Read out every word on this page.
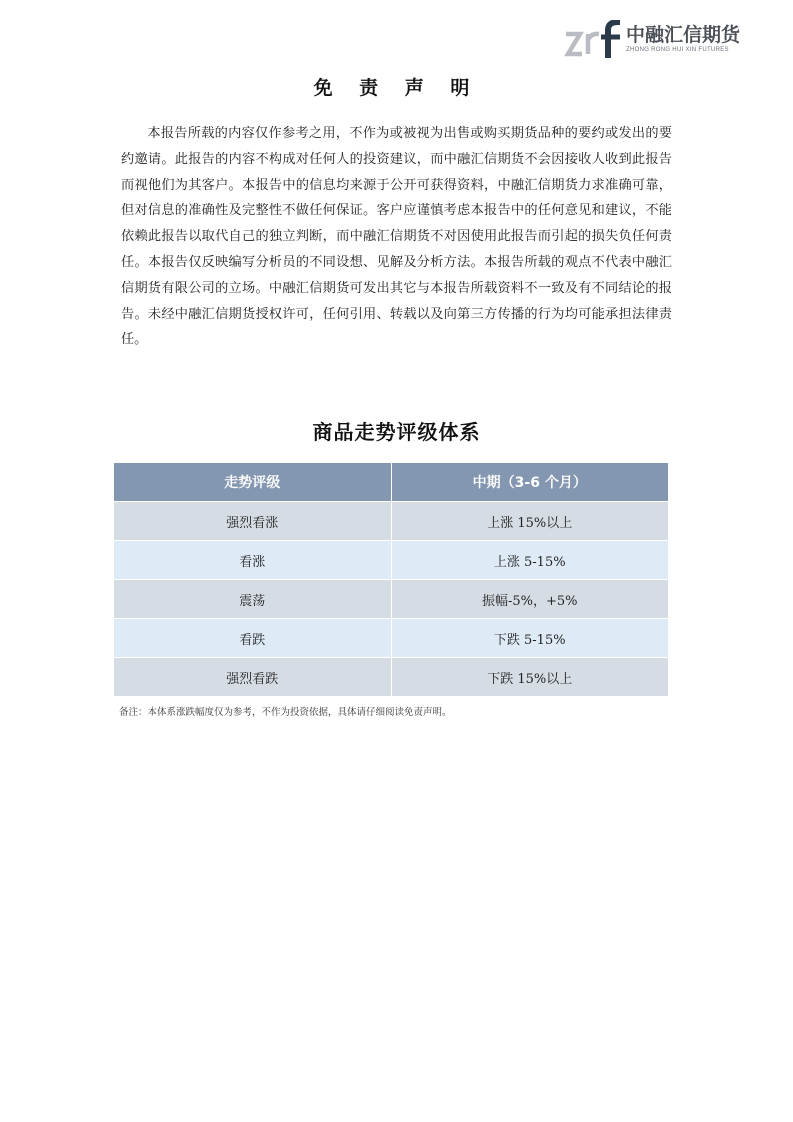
中融汇信期货
ZHONG RONG HUI XIN FUTURES
免 责 声 明

本报告所载的内容仅作参考之用，不作为或被视为出售或购买期货品种的要约或发出的要约邀请。此报告的内容不构成对任何人的投资建议，而中融汇信期货不会因接收人收到此报告而视他们为其客户。本报告中的信息均来源于公开可获得资料，中融汇信期货力求准确可靠，但对信息的准确性及完整性不做任何保证。客户应谨慎考虑本报告中的任何意见和建议，不能依赖此报告以取代自己的独立判断，而中融汇信期货不对因使用此报告而引起的损失负任何责任。本报告仅反映编写分析员的不同设想、见解及分析方法。本报告所载的观点不代表中融汇信期货有限公司的立场。中融汇信期货可发出其它与本报告所载资料不一致及有不同结论的报告。未经中融汇信期货授权许可，任何引用、转载以及向第三方传播的行为均可能承担法律责任。

商品走势评级体系
走势评级	中期（3-6 个月）
强烈看涨	上涨 15%以上
看涨	上涨 5-15%
震荡	振幅-5%，+5%
看跌	下跌 5-15%
强烈看跌	下跌 15%以上
备注：本体系涨跌幅度仅为参考，不作为投资依据，具体请仔细阅读免责声明。
